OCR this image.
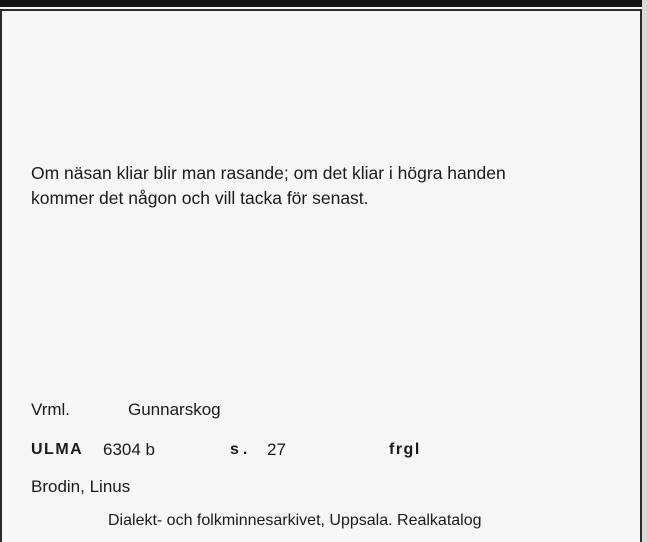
Om näsan kliar blir man rasande; om det kliar i högra handen
kommer det någon och vill tacka för senast.
Vrml.	Gunnarskog
ULMA 6304 b	s. 27	frgl
Brodin, Linus
Dialekt- och folkminnesarkivet, Uppsala. Realkatalog
